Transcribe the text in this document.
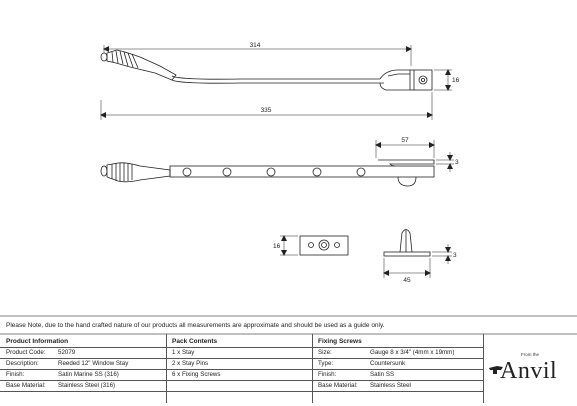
314
335
16
57
3
16
45
3
Please Note, due to the hand crafted nature of our products all measurements are approximate and should be used as a guide only.
Product Information
Product Code: 52079
Description:	Reeded 12" Window Stay
Finish:	Satin Marine SS (316)
Base Material: Stainless Steel (316)
Pack Contents
1 x Stay
2 x Stay Pins
6 x Fixing Screws
Fixing Screws
Size:	Gauge 8 x 3/4" (4mm x 19mm)
Type:	Countersunk
Finish:	Satin SS
Base Material: Stainless Steel
From the
Anvil
